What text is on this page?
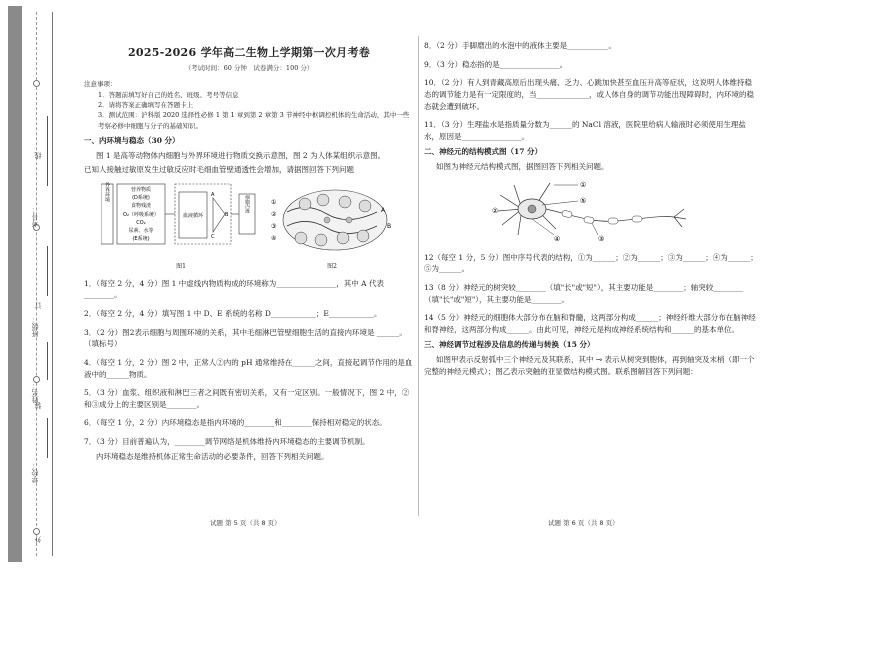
线
考号：
订
班级：
姓名：
装
学校：
外
2025-2026 学年高二生物上学期第一次月考卷
（考试时间：60 分钟　试卷满分：100 分）
注意事项：
1．答题前填写好自己的姓名、班级、考号等信息
2．请将答案正确填写在答题卡上
3．测试范围：沪科版 2020 选择性必修 1 第 1 章到第 2 章第 3 节神经中枢调控机体的生命活动，其中一些考察必修中细胞与分子的基础知识。
一、内环境与稳态（30 分）
图 1 是高等动物体内细胞与外界环境进行物质交换示意图，图 2 为人体某组织示意图。
已知人接触过敏原发生过敏反应时毛细血管壁通透性会增加，请据图回答下列问题
外界环境	营养物质
(D系统)
食物残渣
O₂（呼吸系统）
CO₂
尿素、水等
(E系统)
血液循环
A
B
C
细胞内液
图1
①
②
③
④
A
B
图2
1．（每空 2 分，4 分）图 1 中虚线内物质构成的环境称为________________，其中 A 代表________。
2．（每空 2 分，4 分）填写图 1 中 D、E 系统的名称 D____________；E____________。
3．（2 分）图2表示细胞与周围环境的关系，其中毛细淋巴管壁细胞生活的直接内环境是 ______。（填标号）
4．（每空 1 分，2 分）图 2 中，正常人②内的 pH 通常维持在______之间，直接起调节作用的是血液中的______物质。
5．（3 分）血浆、组织液和淋巴三者之间既有密切关系，又有一定区别。一般情况下，图 2 中，②和③成分上的主要区别是________。
6．（每空 1 分，2 分）内环境稳态是指内环境的________和________保持相对稳定的状态。
7．（3 分）目前普遍认为，________调节网络是机体维持内环境稳态的主要调节机制。
内环境稳态是维持机体正常生命活动的必要条件，回答下列相关问题。
8．（2 分）手脚磨出的水泡中的液体主要是___________。
9．（3 分）稳态指的是________________。
10．（2 分）有人到青藏高原后出现头痛、乏力、心跳加快甚至血压升高等症状，这说明人体维持稳态的调节能力是有一定限度的，当______________，或人体自身的调节功能出现障碍时，内环境的稳态就会遭到破坏。
11．（3 分）生理盐水是指质量分数为______的 NaCl 溶液，医院里给病人输液时必须使用生理盐水，原因是________________。
二、神经元的结构模式图（17 分）
如图为神经元结构模式图，据图回答下列相关问题。
①
②
③
④
⑤
12（每空 1 分，5 分）图中序号代表的结构，①为______；②为______；③为______；④为______；⑤为______。
13（8 分）神经元的树突较________（填"长"或"短"），其主要功能是________；轴突较________（填"长"或"短"），其主要功能是________。
14（5 分）神经元的细胞体大部分布在脑和脊髓，这两部分构成______；神经纤维大部分布在脑神经和脊神经，这两部分构成______。由此可见，神经元是构成神经系统结构和______的基本单位。
三、神经调节过程涉及信息的传递与转换（15 分）
如图甲表示反射弧中三个神经元及其联系，其中 ⊸ 表示从树突到胞体，再到轴突及末梢（即一个完整的神经元模式）；图乙表示突触的亚显微结构模式图。联系图解回答下列问题：
试题 第 5 页（共 8 页）	试题 第 6 页（共 8 页）
